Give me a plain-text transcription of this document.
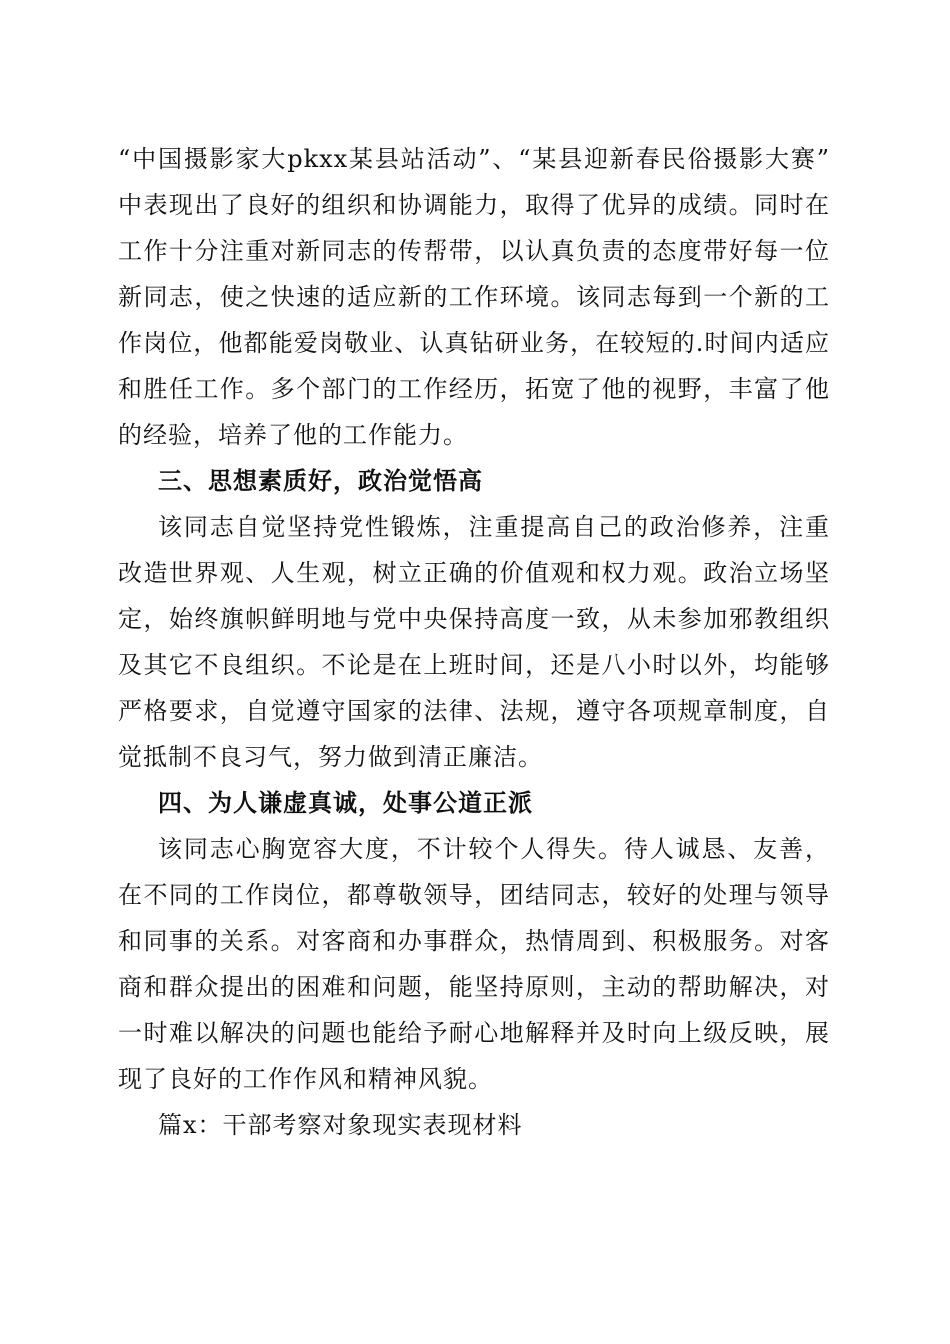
“中国摄影家大pkxx某县站活动”、“某县迎新春民俗摄影大赛”中表现出了良好的组织和协调能力，取得了优异的成绩。同时在工作十分注重对新同志的传帮带，以认真负责的态度带好每一位新同志，使之快速的适应新的工作环境。该同志每到一个新的工作岗位，他都能爱岗敬业、认真钻研业务，在较短的.时间内适应和胜任工作。多个部门的工作经历，拓宽了他的视野，丰富了他的经验，培养了他的工作能力。

三、思想素质好，政治觉悟高

该同志自觉坚持党性锻炼，注重提高自己的政治修养，注重改造世界观、人生观，树立正确的价值观和权力观。政治立场坚定，始终旗帜鲜明地与党中央保持高度一致，从未参加邪教组织及其它不良组织。不论是在上班时间，还是八小时以外，均能够严格要求，自觉遵守国家的法律、法规，遵守各项规章制度，自觉抵制不良习气，努力做到清正廉洁。

四、为人谦虚真诚，处事公道正派

该同志心胸宽容大度，不计较个人得失。待人诚恳、友善，在不同的工作岗位，都尊敬领导，团结同志，较好的处理与领导和同事的关系。对客商和办事群众，热情周到、积极服务。对客商和群众提出的困难和问题，能坚持原则，主动的帮助解决，对一时难以解决的问题也能给予耐心地解释并及时向上级反映，展现了良好的工作作风和精神风貌。

篇x：干部考察对象现实表现材料
